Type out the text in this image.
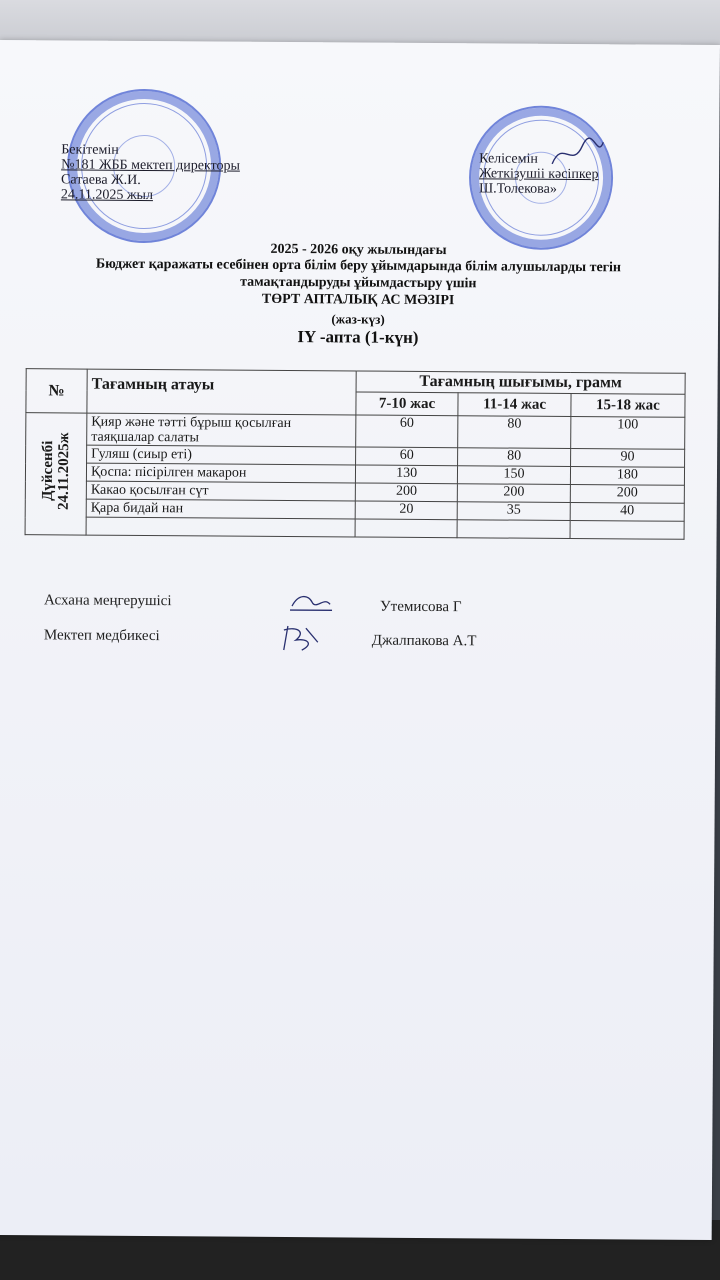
Бекітемін
№181 ЖББ мектеп директоры
Сатаева Ж.И.
24.11.2025 жыл
Келісемін
Жеткізушіі кәсіпкер
Ш.Толекова»
2025 - 2026 оқу жылындағы
Бюджет қаражаты есебінен орта білім беру ұйымдарында білім алушыларды тегін
тамақтандыруды ұйымдастыру үшін
ТӨРТ АПТАЛЫҚ АС МӘЗІРІ
(жаз-күз)
IY -апта (1-күн)
№	Тағамның атауы	Тағамның шығымы, грамм		
		7-10 жас	11-14 жас	15-18 жас
Дүйсенбі
24.11.2025ж	Қияр және тәтті бұрыш қосылған таяқшалар салаты	60	80	100
	Гуляш (сиыр еті)	60	80	90
	Қоспа: пісірілген макарон	130	150	180
	Какао қосылған сүт	200	200	200
	Қара бидай нан	20	35	40

Асхана меңгерушісі	Утемисова Г
Мектеп медбикесі	Джалпакова А.Т
